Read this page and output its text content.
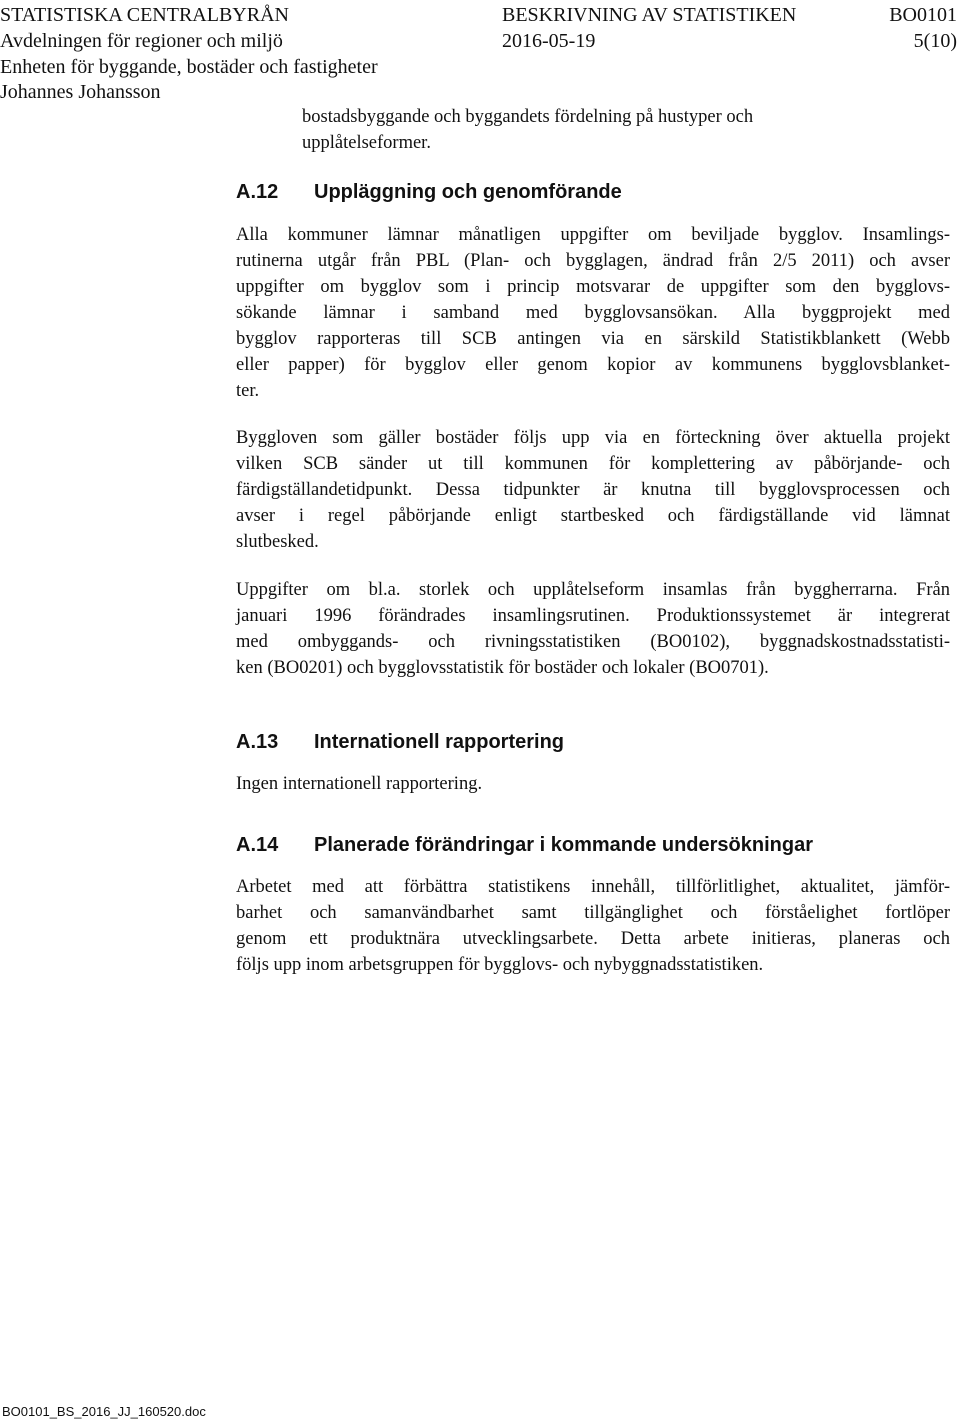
STATISTISKA CENTRALBYRÅN	BESKRIVNING AV STATISTIKEN	BO0101
Avdelningen för regioner och miljö	2016-05-19	5(10)
Enheten för byggande, bostäder och fastigheter
Johannes Johansson
bostadsbyggande och byggandets fördelning på hustyper och
upplåtelseformer.
A.12 Uppläggning och genomförande
Alla kommuner lämnar månatligen uppgifter om beviljade bygglov. Insamlings-
rutinerna utgår från PBL (Plan- och bygglagen, ändrad från 2/5 2011) och avser
uppgifter om bygglov som i princip motsvarar de uppgifter som den bygglovs-
sökande lämnar i samband med bygglovsansökan. Alla byggprojekt med
bygglov rapporteras till SCB antingen via en särskild Statistikblankett (Webb
eller papper) för bygglov eller genom kopior av kommunens bygglovsblanket-
ter.
Byggloven som gäller bostäder följs upp via en förteckning över aktuella projekt
vilken SCB sänder ut till kommunen för komplettering av påbörjande- och
färdigställandetidpunkt. Dessa tidpunkter är knutna till bygglovsprocessen och
avser i regel påbörjande enligt startbesked och färdigställande vid lämnat
slutbesked.
Uppgifter om bl.a. storlek och upplåtelseform insamlas från byggherrarna. Från
januari 1996 förändrades insamlingsrutinen. Produktionssystemet är integrerat
med ombyggands- och rivningsstatistiken (BO0102), byggnadskostnadsstatisti-
ken (BO0201) och bygglovsstatistik för bostäder och lokaler (BO0701).
A.13 Internationell rapportering
Ingen internationell rapportering.
A.14 Planerade förändringar i kommande undersökningar
Arbetet med att förbättra statistikens innehåll, tillförlitlighet, aktualitet, jämför-
barhet och samanvändbarhet samt tillgänglighet och förståelighet fortlöper
genom ett produktnära utvecklingsarbete. Detta arbete initieras, planeras och
följs upp inom arbetsgruppen för bygglovs- och nybyggnadsstatistiken.
BO0101_BS_2016_JJ_160520.doc
